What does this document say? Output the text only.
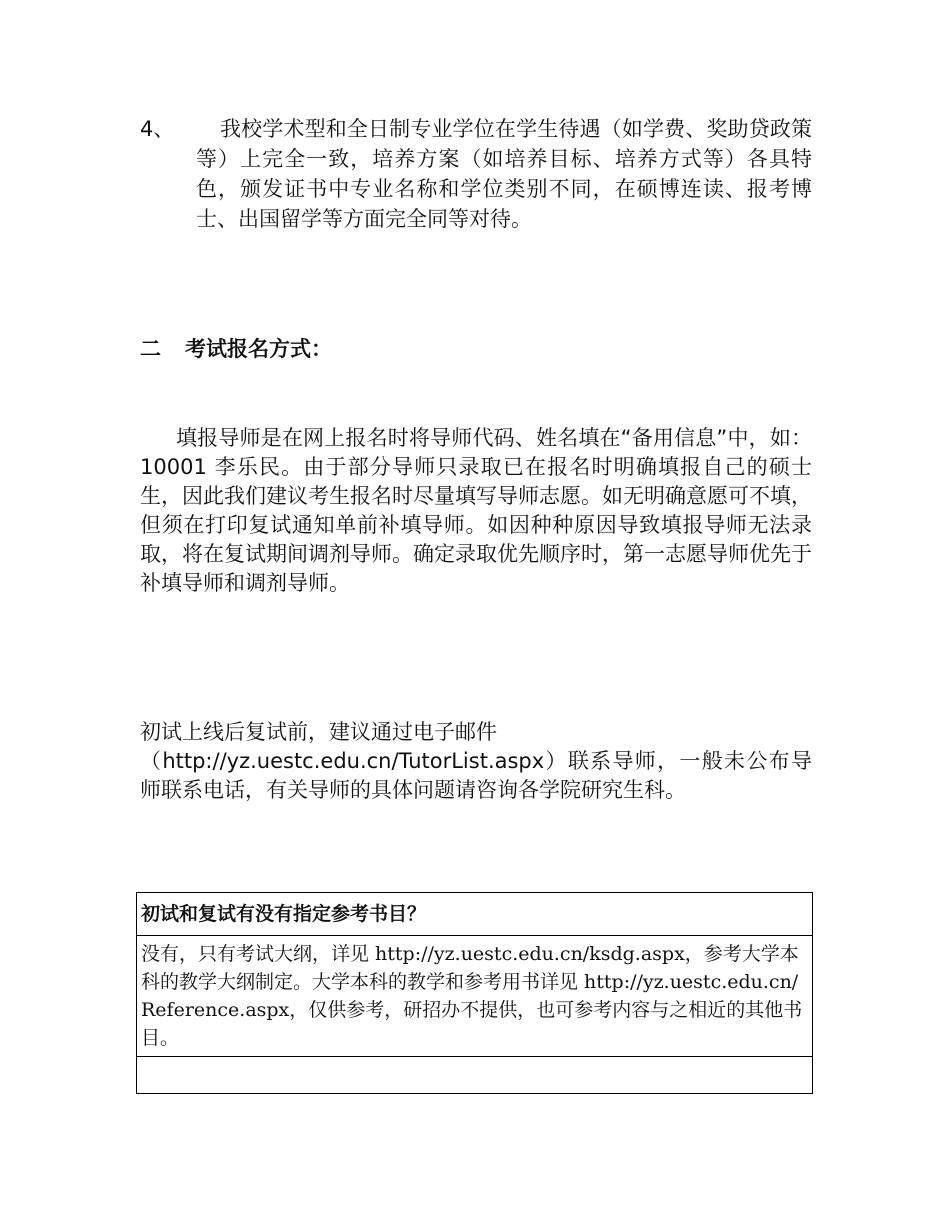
4、	我校学术型和全日制专业学位在学生待遇（如学费、奖助贷政策等）上完全一致，培养方案（如培养目标、培养方式等）各具特色，颁发证书中专业名称和学位类别不同，在硕博连读、报考博士、出国留学等方面完全同等对待。
二 考试报名方式：
填报导师是在网上报名时将导师代码、姓名填在“备用信息”中，如：10001 李乐民。由于部分导师只录取已在报名时明确填报自己的硕士生，因此我们建议考生报名时尽量填写导师志愿。如无明确意愿可不填，但须在打印复试通知单前补填导师。如因种种原因导致填报导师无法录取，将在复试期间调剂导师。确定录取优先顺序时，第一志愿导师优先于补填导师和调剂导师。
初试上线后复试前，建议通过电子邮件
（http://yz.uestc.edu.cn/TutorList.aspx）联系导师，一般未公布导师联系电话，有关导师的具体问题请咨询各学院研究生科。
初试和复试有没有指定参考书目？
没有，只有考试大纲，详见 http://yz.uestc.edu.cn/ksdg.aspx，参考大学本科的教学大纲制定。大学本科的教学和参考用书详见 http://yz.uestc.edu.cn/Reference.aspx，仅供参考，研招办不提供，也可参考内容与之相近的其他书目。
